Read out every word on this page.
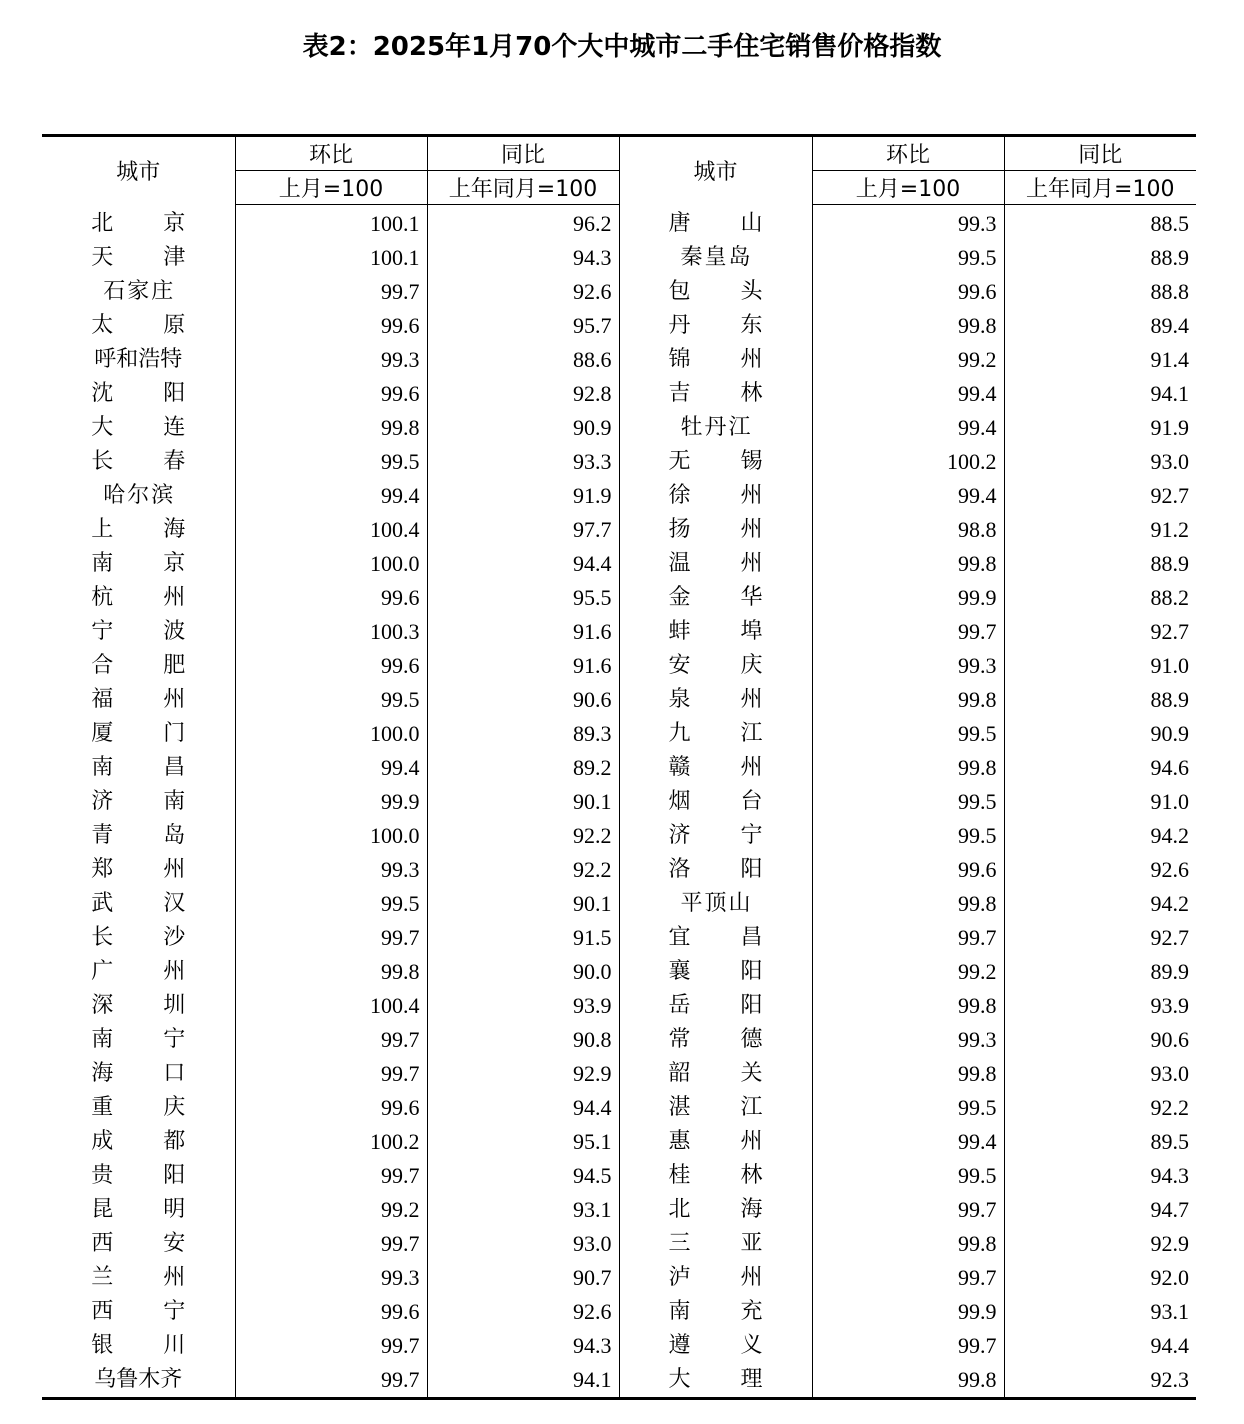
表2：2025年1月70个大中城市二手住宅销售价格指数
城市	环比	同比	城市	环比	同比
	上月=100	上年同月=100		上月=100	上年同月=100
北京	100.1	96.2	唐山	99.3	88.5
天津	100.1	94.3	秦皇岛	99.5	88.9
石家庄	99.7	92.6	包头	99.6	88.8
太原	99.6	95.7	丹东	99.8	89.4
呼和浩特	99.3	88.6	锦州	99.2	91.4
沈阳	99.6	92.8	吉林	99.4	94.1
大连	99.8	90.9	牡丹江	99.4	91.9
长春	99.5	93.3	无锡	100.2	93.0
哈尔滨	99.4	91.9	徐州	99.4	92.7
上海	100.4	97.7	扬州	98.8	91.2
南京	100.0	94.4	温州	99.8	88.9
杭州	99.6	95.5	金华	99.9	88.2
宁波	100.3	91.6	蚌埠	99.7	92.7
合肥	99.6	91.6	安庆	99.3	91.0
福州	99.5	90.6	泉州	99.8	88.9
厦门	100.0	89.3	九江	99.5	90.9
南昌	99.4	89.2	赣州	99.8	94.6
济南	99.9	90.1	烟台	99.5	91.0
青岛	100.0	92.2	济宁	99.5	94.2
郑州	99.3	92.2	洛阳	99.6	92.6
武汉	99.5	90.1	平顶山	99.8	94.2
长沙	99.7	91.5	宜昌	99.7	92.7
广州	99.8	90.0	襄阳	99.2	89.9
深圳	100.4	93.9	岳阳	99.8	93.9
南宁	99.7	90.8	常德	99.3	90.6
海口	99.7	92.9	韶关	99.8	93.0
重庆	99.6	94.4	湛江	99.5	92.2
成都	100.2	95.1	惠州	99.4	89.5
贵阳	99.7	94.5	桂林	99.5	94.3
昆明	99.2	93.1	北海	99.7	94.7
西安	99.7	93.0	三亚	99.8	92.9
兰州	99.3	90.7	泸州	99.7	92.0
西宁	99.6	92.6	南充	99.9	93.1
银川	99.7	94.3	遵义	99.7	94.4
乌鲁木齐	99.7	94.1	大理	99.8	92.3
